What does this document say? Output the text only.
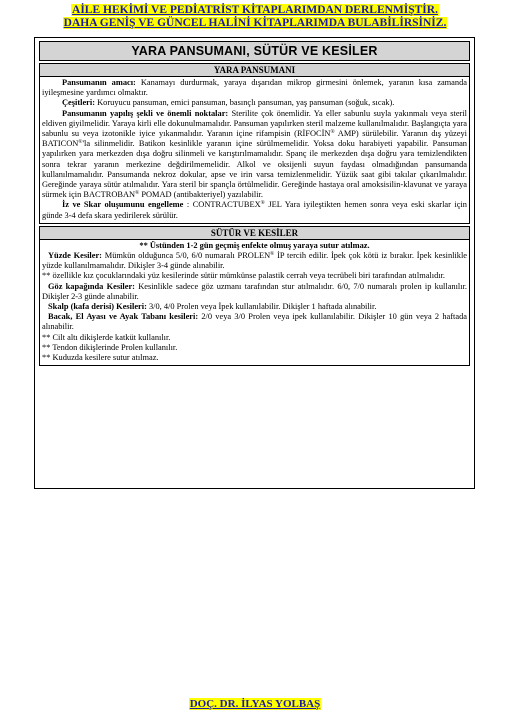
AİLE HEKİMİ VE PEDİATRİST KİTAPLARIMDAN DERLENMİŞTİR.
DAHA GENİŞ VE GÜNCEL HALİNİ KİTAPLARIMDA BULABİLİRSİNİZ.
YARA PANSUMANI, SÜTÜR VE KESİLER
YARA PANSUMANI

Pansumanın amacı: Kanamayı durdurmak, yaraya dışarıdan mikrop girmesini önlemek, yaranın kısa zamanda iyileşmesine yardımcı olmaktır.

Çeşitleri: Koruyucu pansuman, emici pansuman, basınçlı pansuman, yaş pansuman (soğuk, sıcak).

Pansumanın yapılış şekli ve önemli noktalar: Sterilite çok önemlidir. Ya eller sabunlu suyla yakınmalı veya steril eldiven giyilmelidir. Yaraya kirli elle dokunulmamalıdır. Pansuman yapılırken steril malzeme kullanılmalıdır. Başlangıçta yara sabunlu su veya izotonikle iyice yıkanmalıdır. Yaranın içine rifampisin (RİFOCİN® AMP) sürülebilir. Yaranın dış yüzeyi BATICON®'la silinmelidir. Batikon kesinlikle yaranın içine sürülmemelidir. Yoksa doku harabiyeti yapabilir. Pansuman yapılırken yara merkezden dışa doğru silinmeli ve karıştırılmamalıdır. Spanç ile merkezden dışa doğru yara temizlendikten sonra tekrar yaranın merkezine değdirilmemelidir. Alkol ve oksijenli suyun faydası olmadığından pansumanda kullanılmamalıdır. Pansumanda nekroz dokular, apse ve irin varsa temizlenmelidir. Yüzük saat gibi takılar çıkarılmalıdır. Gereğinde yaraya sütür atılmalıdır. Yara steril bir spançla örtülmelidir. Gereğinde hastaya oral amoksisilin-klavunat ve yaraya sürmek için BACTROBAN® POMAD (antibakteriyel) yazılabilir.

İz ve Skar oluşumunu engelleme : CONTRACTUBEX® JEL Yara iyileştikten hemen sonra veya eski skarlar için günde 3-4 defa skara yedirilerek sürülür.

SÜTÜR VE KESİLER

** Üstünden 1-2 gün geçmiş enfekte olmuş yaraya sutur atılmaz.

Yüzde Kesiler: Mümkün olduğunca 5/0, 6/0 numaralı PROLEN® İP tercih edilir. İpek çok kötü iz bırakır. İpek kesinlikle yüzde kullanılmamalıdır. Dikişler 3-4 günde alınabilir.

** özellikle kız çocuklarındaki yüz kesilerinde sütür mümkünse palastik cerrah veya tecrübeli biri tarafından atılmalıdır.

Göz kapağında Kesiler: Kesinlikle sadece göz uzmanı tarafından stur atılmalıdır. 6/0, 7/0 numaralı prolen ip kullanılır. Dikişler 2-3 günde alınabilir.

Skalp (kafa derisi) Kesileri: 3/0, 4/0 Prolen veya İpek kullanılabilir. Dikişler 1 haftada alınabilir.

Bacak, El Ayası ve Ayak Tabanı kesileri: 2/0 veya 3/0 Prolen veya ipek kullanılabilir. Dikişler 10 gün veya 2 haftada alınabilir.

** Cilt altı dikişlerde katküt kullanılır.

** Tendon dikişlerinde Prolen kullanılır.

** Kuduzda kesilere sutur atılmaz.

DOÇ. DR. İLYAS YOLBAŞ
